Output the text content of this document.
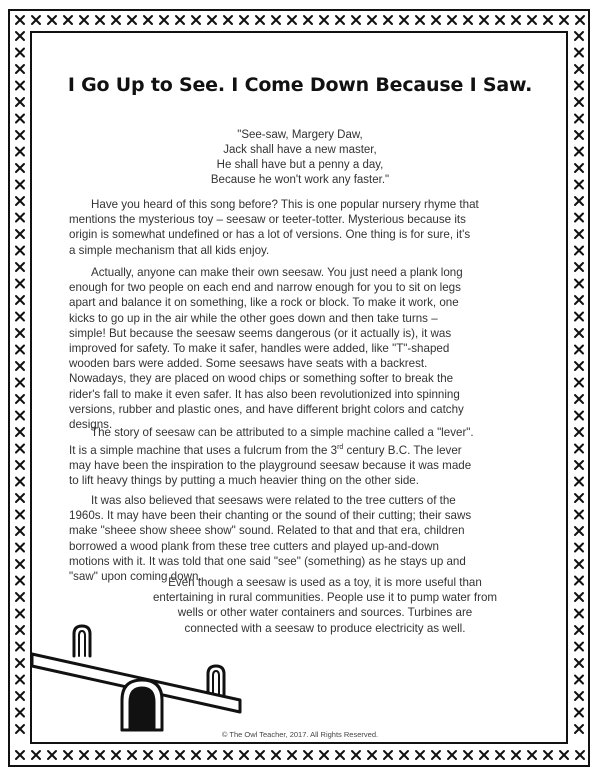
I Go Up to See. I Come Down Because I Saw.
"See-saw, Margery Daw,
Jack shall have a new master,
He shall have but a penny a day,
Because he won't work any faster."
Have you heard of this song before? This is one popular nursery rhyme that
mentions the mysterious toy – seesaw or teeter-totter. Mysterious because its
origin is somewhat undefined or has a lot of versions. One thing is for sure, it's
a simple mechanism that all kids enjoy.
Actually, anyone can make their own seesaw. You just need a plank long
enough for two people on each end and narrow enough for you to sit on legs
apart and balance it on something, like a rock or block. To make it work, one
kicks to go up in the air while the other goes down and then take turns –
simple! But because the seesaw seems dangerous (or it actually is), it was
improved for safety. To make it safer, handles were added, like "T"-shaped
wooden bars were added. Some seesaws have seats with a backrest.
Nowadays, they are placed on wood chips or something softer to break the
rider's fall to make it even safer. It has also been revolutionized into spinning
versions, rubber and plastic ones, and have different bright colors and catchy
designs.
The story of seesaw can be attributed to a simple machine called a "lever".
It is a simple machine that uses a fulcrum from the 3rd century B.C. The lever
may have been the inspiration to the playground seesaw because it was made
to lift heavy things by putting a much heavier thing on the other side.
It was also believed that seesaws were related to the tree cutters of the
1960s. It may have been their chanting or the sound of their cutting; their saws
make "sheee show sheee show" sound. Related to that and that era, children
borrowed a wood plank from these tree cutters and played up-and-down
motions with it. It was told that one said "see" (something) as he stays up and
"saw" upon coming down.
Even though a seesaw is used as a toy, it is more useful than
entertaining in rural communities. People use it to pump water from
wells or other water containers and sources. Turbines are
connected with a seesaw to produce electricity as well.
© The Owl Teacher, 2017. All Rights Reserved.
